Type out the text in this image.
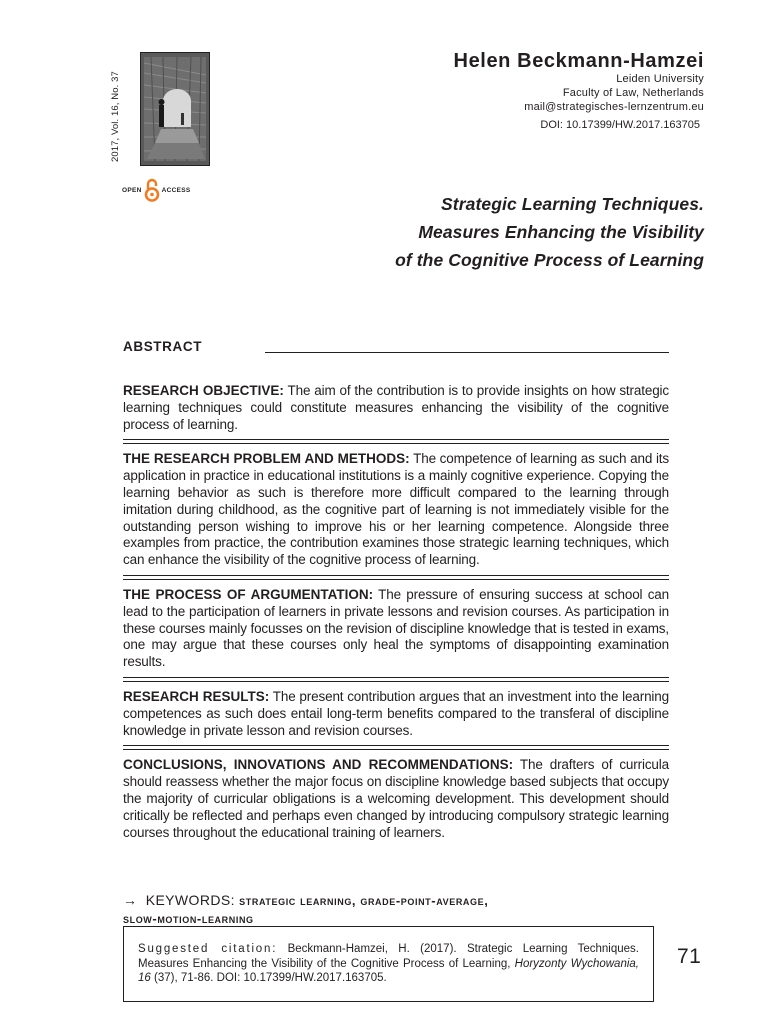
2017, Vol. 16, No. 37
OPEN	ACCESS
Helen Beckmann-Hamzei
Leiden University
Faculty of Law, Netherlands
mail@strategisches-lernzentrum.eu
DOI: 10.17399/HW.2017.163705
Strategic Learning Techniques.
Measures Enhancing the Visibility
of the Cognitive Process of Learning
ABSTRACT
RESEARCH OBJECTIVE: The aim of the contribution is to provide insights on how strategic learning techniques could constitute measures enhancing the visibility of the cognitive process of learning.
THE RESEARCH PROBLEM AND METHODS: The competence of learning as such and its application in practice in educational institutions is a mainly cognitive experience. Copying the learning behavior as such is therefore more difficult compared to the learning through imitation during childhood, as the cognitive part of learning is not immediately visible for the outstanding person wishing to improve his or her learning competence. Alongside three examples from practice, the contribution examines those strategic learning techniques, which can enhance the visibility of the cognitive process of learning.
THE PROCESS OF ARGUMENTATION: The pressure of ensuring success at school can lead to the participation of learners in private lessons and revision courses. As participation in these courses mainly focusses on the revision of discipline knowledge that is tested in exams, one may argue that these courses only heal the symptoms of disappointing examination results.
RESEARCH RESULTS: The present contribution argues that an investment into the learning competences as such does entail long-term benefits compared to the transferal of discipline knowledge in private lesson and revision courses.
CONCLUSIONS, INNOVATIONS AND RECOMMENDATIONS: The drafters of curricula should reassess whether the major focus on discipline knowledge based subjects that occupy the majority of curricular obligations is a welcoming development. This development should critically be reflected and perhaps even changed by introducing compulsory strategic learning courses throughout the educational training of learners.
→ KEYWORDS: strategic learning, grade-point-average,
slow-motion-learning
Suggested citation: Beckmann-Hamzei, H. (2017). Strategic Learning Techniques. Measures Enhancing the Visibility of the Cognitive Process of Learning, Horyzonty Wychowania, 16 (37), 71-86. DOI: 10.17399/HW.2017.163705.
71
